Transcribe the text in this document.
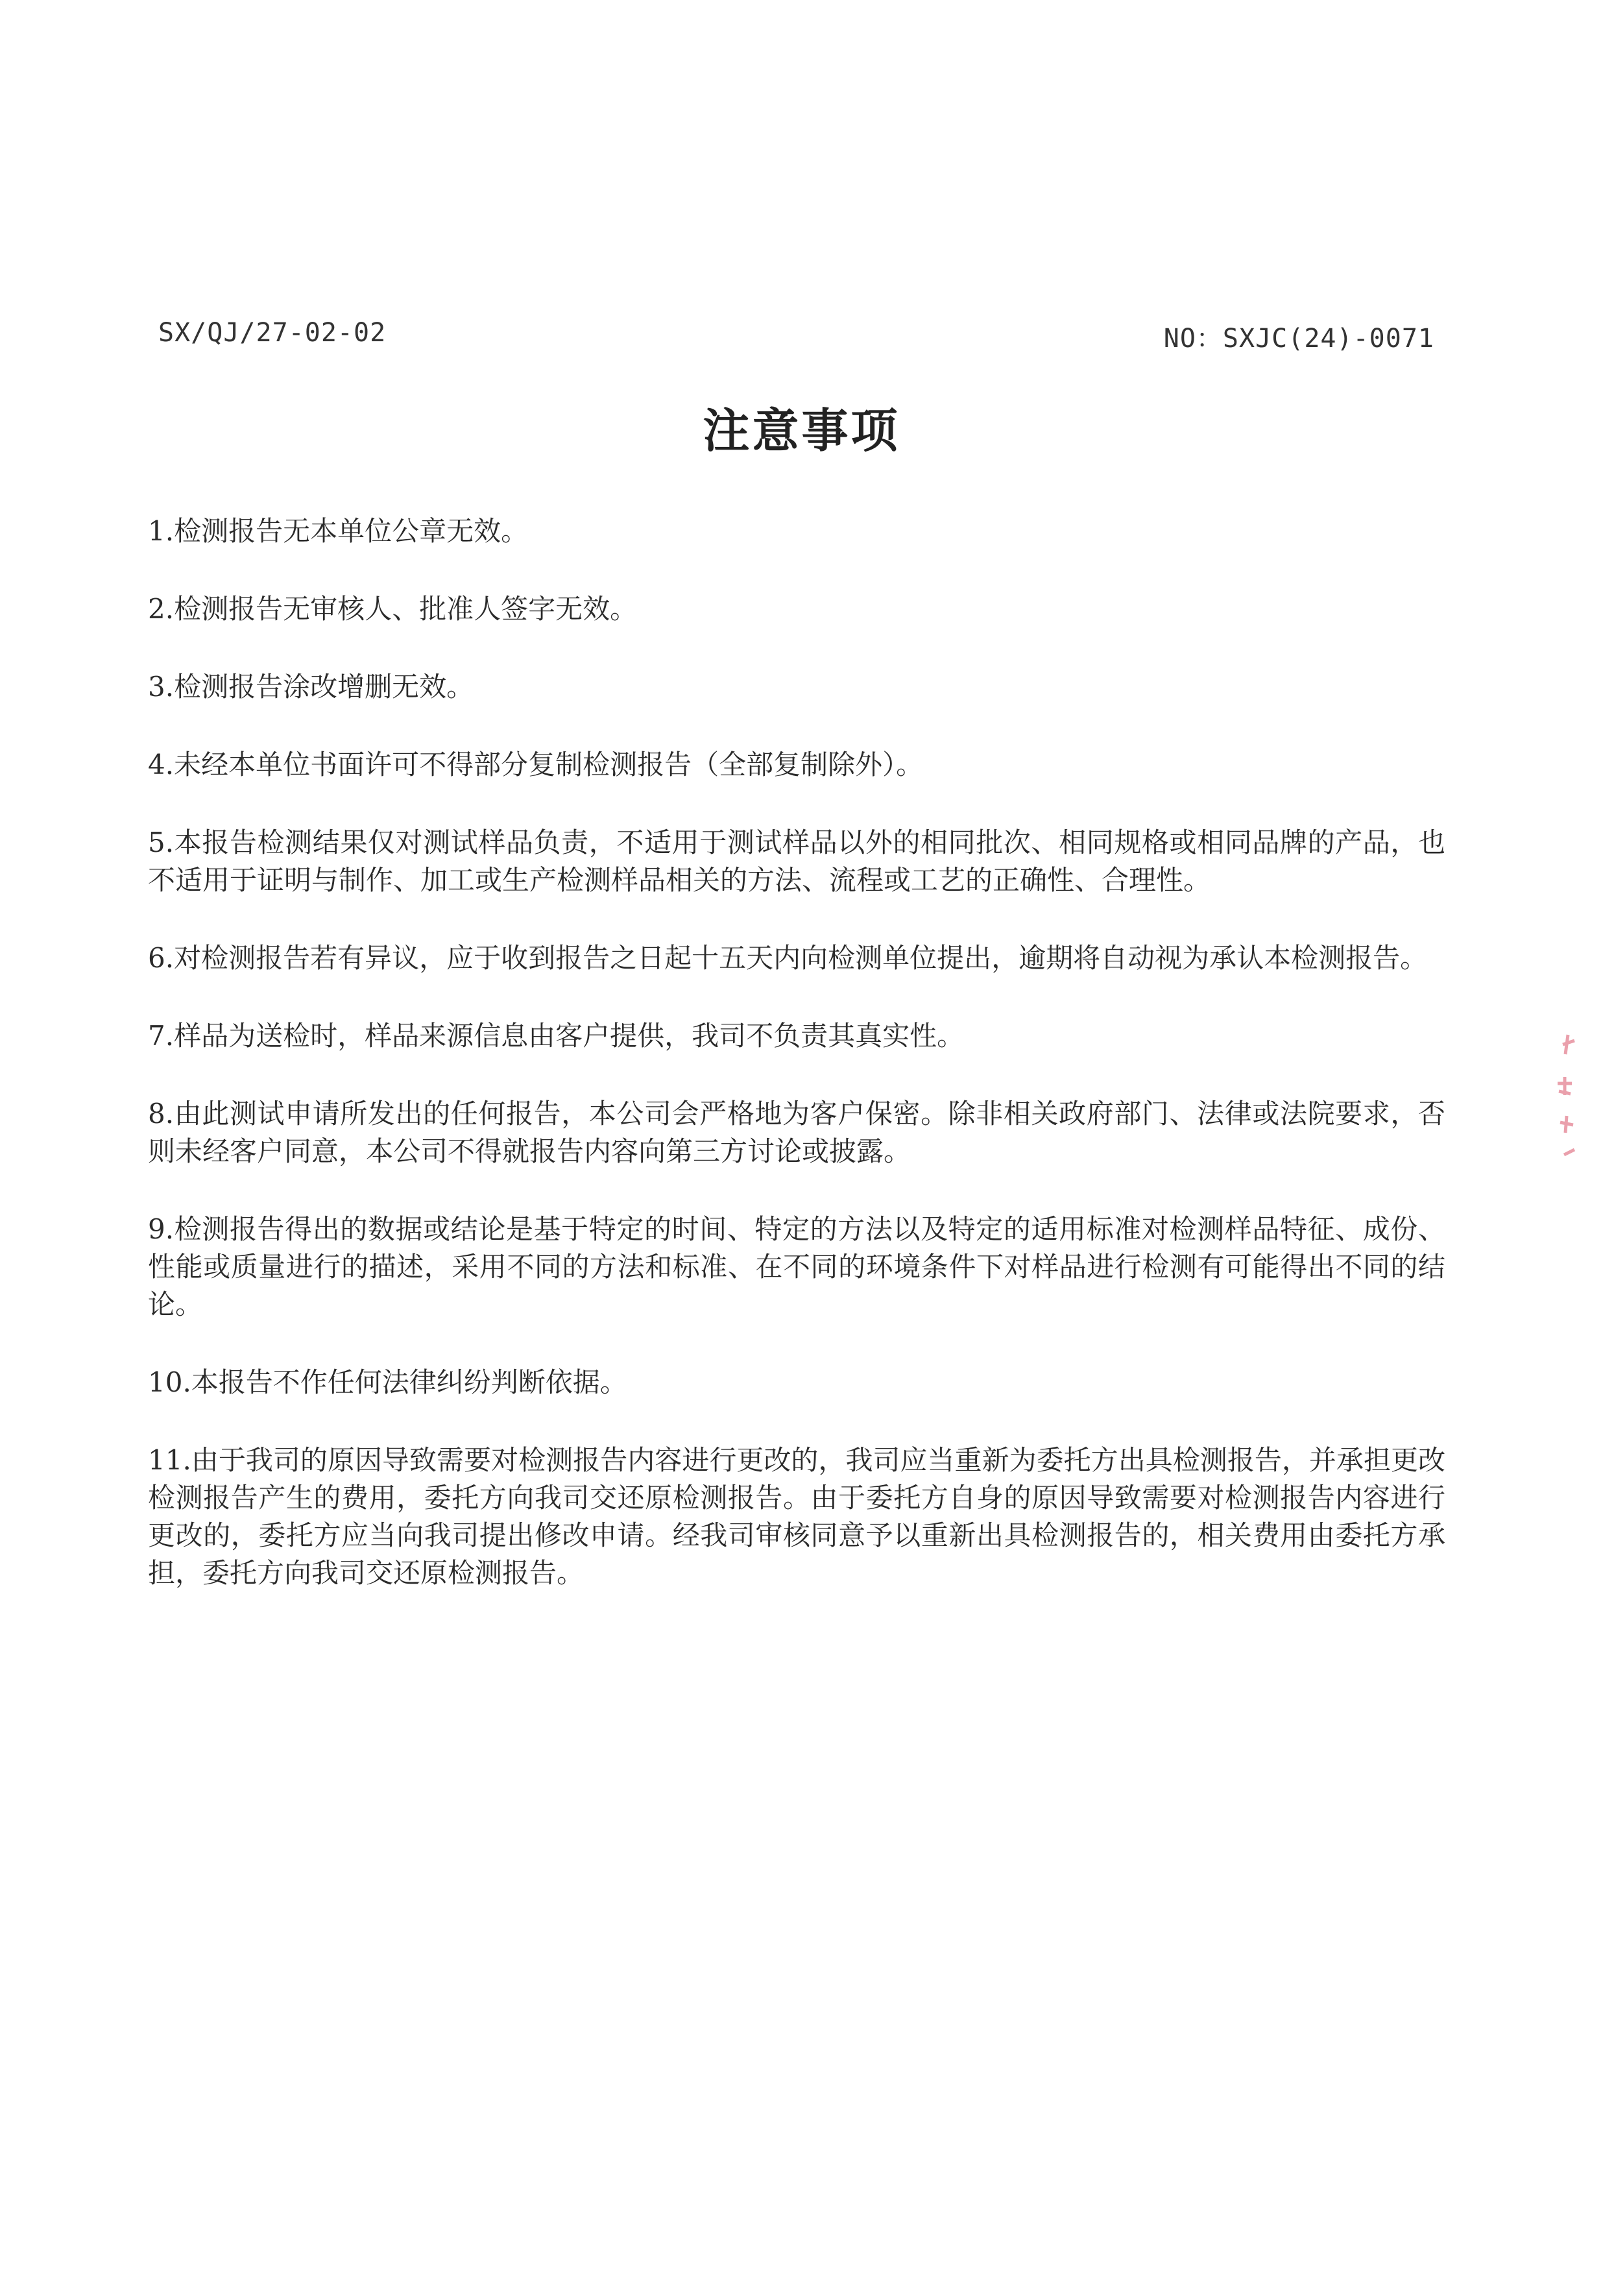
SX/QJ/27-02-02	NO：SXJC(24)-0071
注意事项
1.检测报告无本单位公章无效。
2.检测报告无审核人、批准人签字无效。
3.检测报告涂改增删无效。
4.未经本单位书面许可不得部分复制检测报告（全部复制除外）。
5.本报告检测结果仅对测试样品负责，不适用于测试样品以外的相同批次、相同规格或相同品牌的产品，也不适用于证明与制作、加工或生产检测样品相关的方法、流程或工艺的正确性、合理性。
6.对检测报告若有异议，应于收到报告之日起十五天内向检测单位提出，逾期将自动视为承认本检测报告。
7.样品为送检时，样品来源信息由客户提供，我司不负责其真实性。
8.由此测试申请所发出的任何报告，本公司会严格地为客户保密。除非相关政府部门、法律或法院要求，否则未经客户同意，本公司不得就报告内容向第三方讨论或披露。
9.检测报告得出的数据或结论是基于特定的时间、特定的方法以及特定的适用标准对检测样品特征、成份、性能或质量进行的描述，采用不同的方法和标准、在不同的环境条件下对样品进行检测有可能得出不同的结论。
10.本报告不作任何法律纠纷判断依据。
11.由于我司的原因导致需要对检测报告内容进行更改的，我司应当重新为委托方出具检测报告，并承担更改检测报告产生的费用，委托方向我司交还原检测报告。由于委托方自身的原因导致需要对检测报告内容进行更改的，委托方应当向我司提出修改申请。经我司审核同意予以重新出具检测报告的，相关费用由委托方承担，委托方向我司交还原检测报告。
